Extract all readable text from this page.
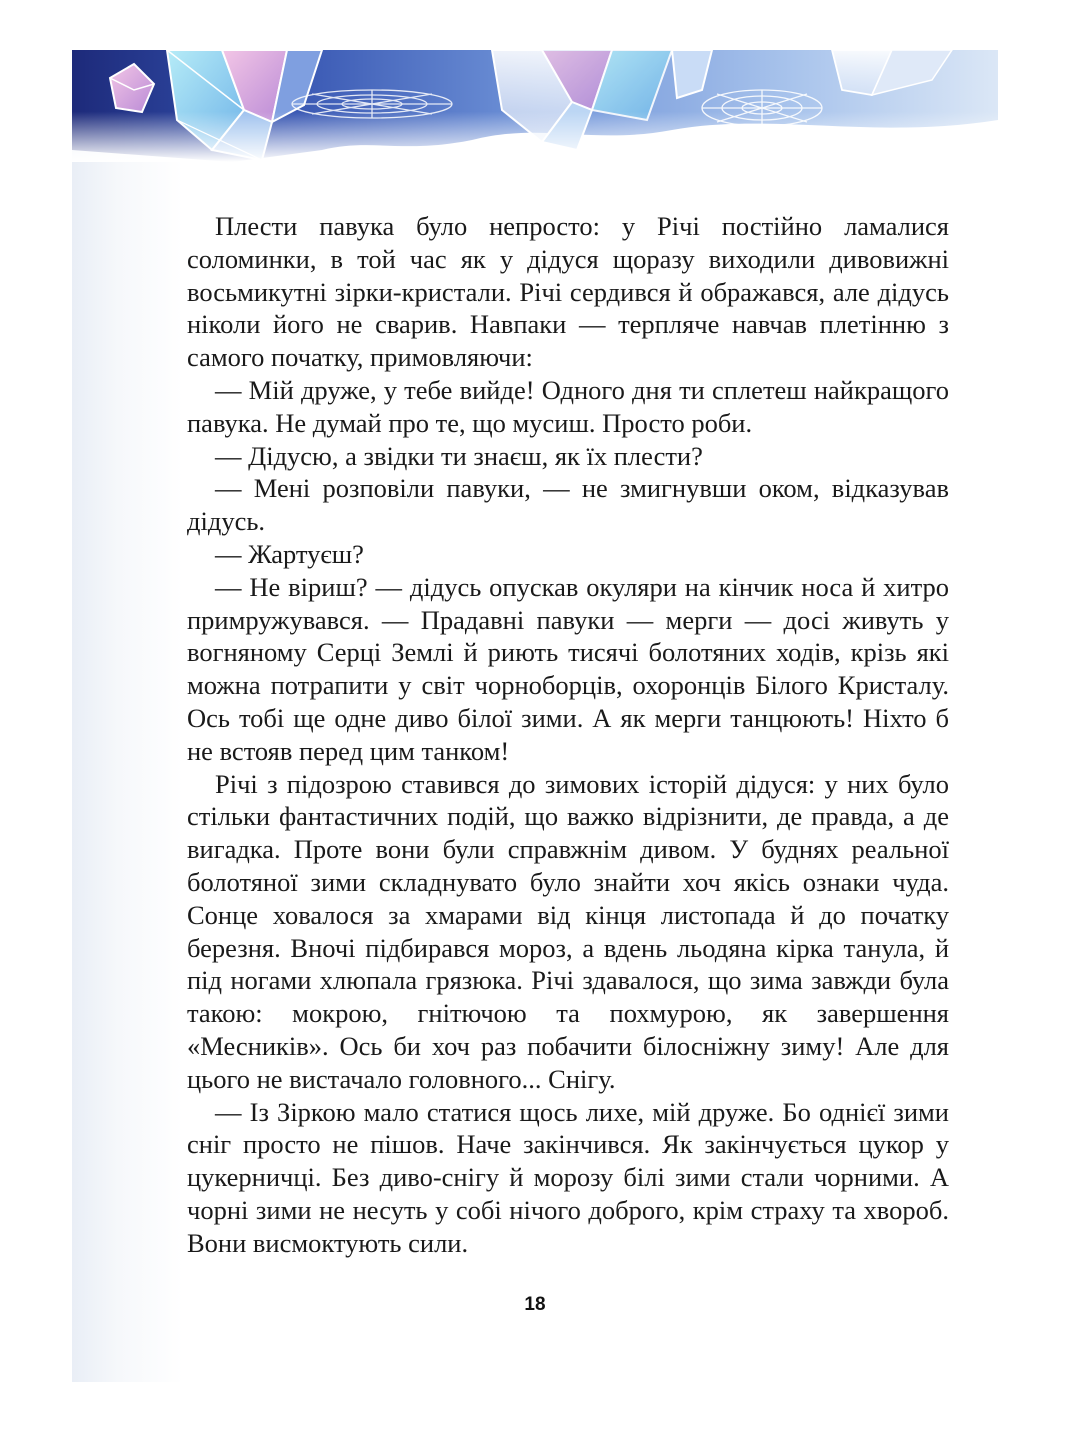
Плести павука було непросто: у Річі постійно ламалися соломинки, в той час як у дідуся щоразу виходили дивовижні восьмикутні зірки-кристали. Річі сердився й ображався, але дідусь ніколи його не сварив. Навпаки — терпляче навчав плетінню з самого початку, примовляючи:

— Мій друже, у тебе вийде! Одного дня ти сплетеш найкращого павука. Не думай про те, що мусиш. Просто роби.

— Дідусю, а звідки ти знаєш, як їх плести?

— Мені розповіли павуки, — не змигнувши оком, відказував дідусь.

— Жартуєш?

— Не віриш? — дідусь опускав окуляри на кінчик носа й хитро примружувався. — Прадавні павуки — мерги — досі живуть у вогняному Серці Землі й риють тисячі болотяних ходів, крізь які можна потрапити у світ чорноборців, охоронців Білого Кристалу. Ось тобі ще одне диво білої зими. А як мерги танцюють! Ніхто б не встояв перед цим танком!

Річі з підозрою ставився до зимових історій дідуся: у них було стільки фантастичних подій, що важко відрізнити, де правда, а де вигадка. Проте вони були справжнім дивом. У буднях реальної болотяної зими складнувато було знайти хоч якісь ознаки чуда. Сонце ховалося за хмарами від кінця листопада й до початку березня. Вночі підбирався мороз, а вдень льодяна кірка танула, й під ногами хлюпала грязюка. Річі здавалося, що зима завжди була такою: мокрою, гнітючою та похмурою, як завершення «Месників». Ось би хоч раз побачити білосніжну зиму! Але для цього не вистачало головного... Снігу.

— Із Зіркою мало статися щось лихе, мій друже. Бо однієї зими сніг просто не пішов. Наче закінчився. Як закінчується цукор у цукерничці. Без диво-снігу й морозу білі зими стали чорними. А чорні зими не несуть у собі нічого доброго, крім страху та хвороб. Вони висмоктують сили.

18
